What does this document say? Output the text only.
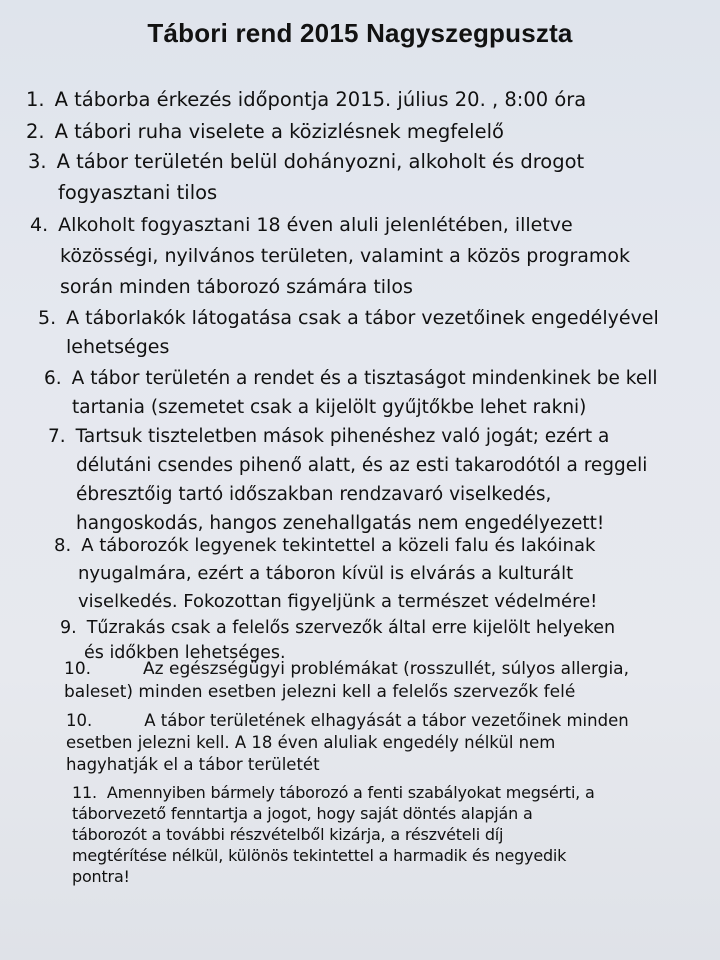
Tábori rend 2015 Nagyszegpuszta
1. A táborba érkezés időpontja 2015. július 20. , 8:00 óra
2. A tábori ruha viselete a közizlésnek megfelelő
3. A tábor területén belül dohányozni, alkoholt és drogot
fogyasztani tilos
4. Alkoholt fogyasztani 18 éven aluli jelenlétében, illetve
közösségi, nyilvános területen, valamint a közös programok
során minden táborozó számára tilos
5. A táborlakók látogatása csak a tábor vezetőinek engedélyével
lehetséges
6. A tábor területén a rendet és a tisztaságot mindenkinek be kell
tartania (szemetet csak a kijelölt gyűjtőkbe lehet rakni)
7. Tartsuk tiszteletben mások pihenéshez való jogát; ezért a
délutáni csendes pihenő alatt, és az esti takarodótól a reggeli
ébresztőig tartó időszakban rendzavaró viselkedés,
hangoskodás, hangos zenehallgatás nem engedélyezett!
8. A táborozók legyenek tekintettel a közeli falu és lakóinak
nyugalmára, ezért a táboron kívül is elvárás a kulturált
viselkedés. Fokozottan figyeljünk a természet védelmére!
9. Tűzrakás csak a felelős szervezők által erre kijelölt helyeken
és időkben lehetséges.
10.	Az egészségügyi problémákat (rosszullét, súlyos allergia,
baleset) minden esetben jelezni kell a felelős szervezők felé
10.	A tábor területének elhagyását a tábor vezetőinek minden
esetben jelezni kell. A 18 éven aluliak engedély nélkül nem
hagyhatják el a tábor területét
11. Amennyiben bármely táborozó a fenti szabályokat megsérti, a
táborvezető fenntartja a jogot, hogy saját döntés alapján a
táborozót a további részvételből kizárja, a részvételi díj
megtérítése nélkül, különös tekintettel a harmadik és negyedik
pontra!
